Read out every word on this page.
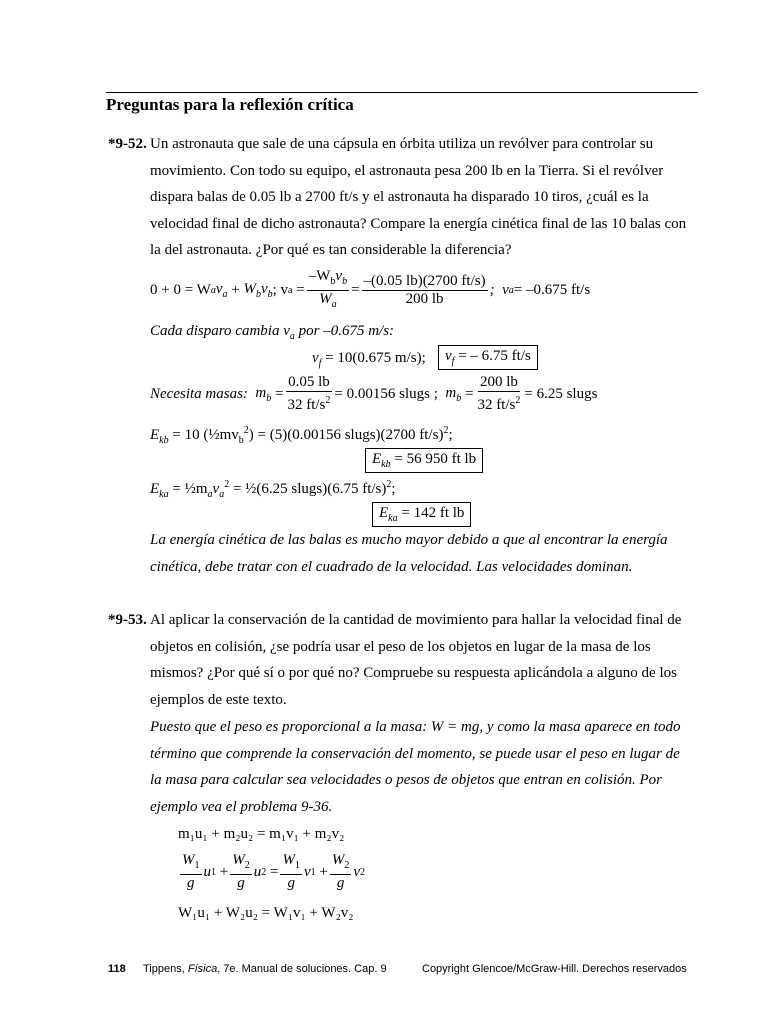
Preguntas para la reflexión crítica
*9-52. Un astronauta que sale de una cápsula en órbita utiliza un revólver para controlar su
movimiento. Con todo su equipo, el astronauta pesa 200 lb en la Tierra. Si el revólver
dispara balas de 0.05 lb a 2700 ft/s y el astronauta ha disparado 10 tiros, ¿cuál es la
velocidad final de dicho astronauta? Compare la energía cinética final de las 10 balas con
la del astronauta. ¿Por qué es tan considerable la diferencia?
0 + 0 = W a $v_a + W_bv_b$ ; v $a = \frac{-W_bv_b}{W_a} = \frac{-(0.05 lb)(2700 ft/s)}{200 lb}$ ; v a = –0.675 ft/s
Cada disparo cambia $v_a$ por –0.675 m/s:
$v_f = 10(0.675$ m/s);	$v_f$ = – 6.75 ft/s
Necesita masas:
$m_b = \frac{0.05 lb}{32 ft/s^2} = 0.00156$ slugs ;
$m_b = \frac{200 lb}{32 ft/s^2} = 6.25$ slugs
$E_{kb} = 10$ $(\frac{1}{2}mv_b^2) = (5)(0.00156$ slugs)(2700 ft/s)$^2$;
$E_{kb} = 56$ 950 ft lb
$E_{ka}$ = $\frac{1}{2}m_av_a^2$ = ½(6.25 slugs)(6.75 ft/s)$^2$;
$E_{ka} = 142$ ft lb
La energía cinética de las balas es mucho mayor debido a que al encontrar la energía
cinética, debe tratar con el cuadrado de la velocidad. Las velocidades dominan.
*9-53. Al aplicar la conservación de la cantidad de movimiento para hallar la velocidad final de
objetos en colisión, ¿se podría usar el peso de los objetos en lugar de la masa de los
mismos? ¿Por qué sí o por qué no? Compruebe su respuesta aplicándola a alguno de los
ejemplos de este texto.
Puesto que el peso es proporcional a la masa: W = mg, y como la masa aparece en todo
término que comprende la conservación del momento, se puede usar el peso en lugar de
la masa para calcular sea velocidades o pesos de objetos que entran en colisión. Por
ejemplo vea el problema 9-36.
m₁u₁ + m₂u₂ = m₁v₁ + m₂v₂
$\frac{W_1}{g}$ u $1 + \frac{W_2}{g}$ u $2 = \frac{W_1}{g}$ v $1 + \frac{W_2}{g}$ v 2
W₁u₁ + W₂u₂ = W₁v₁ + W₂v₂
118 Tippens, Física, 7e. Manual de soluciones. Cap. 9	Copyright Glencoe/McGraw-Hill. Derechos reservados
